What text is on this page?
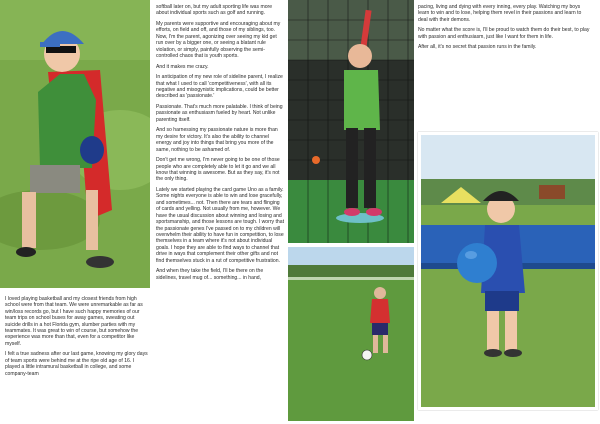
I loved playing basketball and my closest friends from high school were from that team. We were unremarkable as far as win/loss records go, but I have such happy memories of our team trips on school buses for away games, sweating out suicide drills in a hot Florida gym, slumber parties with my teammates. It was great to win of course, but somehow the experience was more than that, even for a competitor like myself.

I felt a true sadness after our last game, knowing my glory days of team sports were behind me at the ripe old age of 16. I played a little intramural basketball in college, and some company-team

softball later on, but my adult sporting life was more about individual sports such as golf and running.

My parents were supportive and encouraging about my efforts, on field and off, and those of my siblings, too. Now, I'm the parent, agonizing over seeing my kid get run over by a bigger one, or seeing a blatant rule violation, or simply, painfully observing the semi-controlled chaos that is youth sports.

And it makes me crazy.

In anticipation of my new role of sideline parent, I realize that what I used to call 'competitiveness', with all its negative and misogynistic implications, could be better described as 'passionate.'

Passionate. That's much more palatable. I think of being passionate as enthusiasm fueled by heart. Not unlike parenting itself.

And so harnessing my passionate nature is more than my desire for victory. It's also the ability to channel energy and joy into things that bring you more of the same, nothing to be ashamed of.

Don't get me wrong, I'm never going to be one of those people who are completely able to let it go and we all know that winning is awesome. But as they say, it's not the only thing.

Lately we started playing the card game Uno as a family. Some nights everyone is able to win and lose gracefully, and sometimes... not. Then there are tears and flinging of cards and yelling. Not usually from me, however. We have the usual discussion about winning and losing and sportsmanship, and those lessons are tough. I worry that the passionate genes I've passed on to my children will overwhelm their ability to have fun in competition, to lose themselves in a team where it's not about individual goals. I hope they are able to find ways to channel that drive in ways that complement their other gifts and not find themselves stuck in a rut of competitive frustration.

And when they take the field, I'll be there on the sidelines, travel mug of... something... in hand,

pacing, living and dying with every inning, every play. Watching my boys learn to win and to lose, helping them revel in their passions and learn to deal with their demons.

No matter what the score is, I'll be proud to watch them do their best, to play with passion and enthusiasm, just like I want for them in life.

After all, it's no secret that passion runs in the family.
